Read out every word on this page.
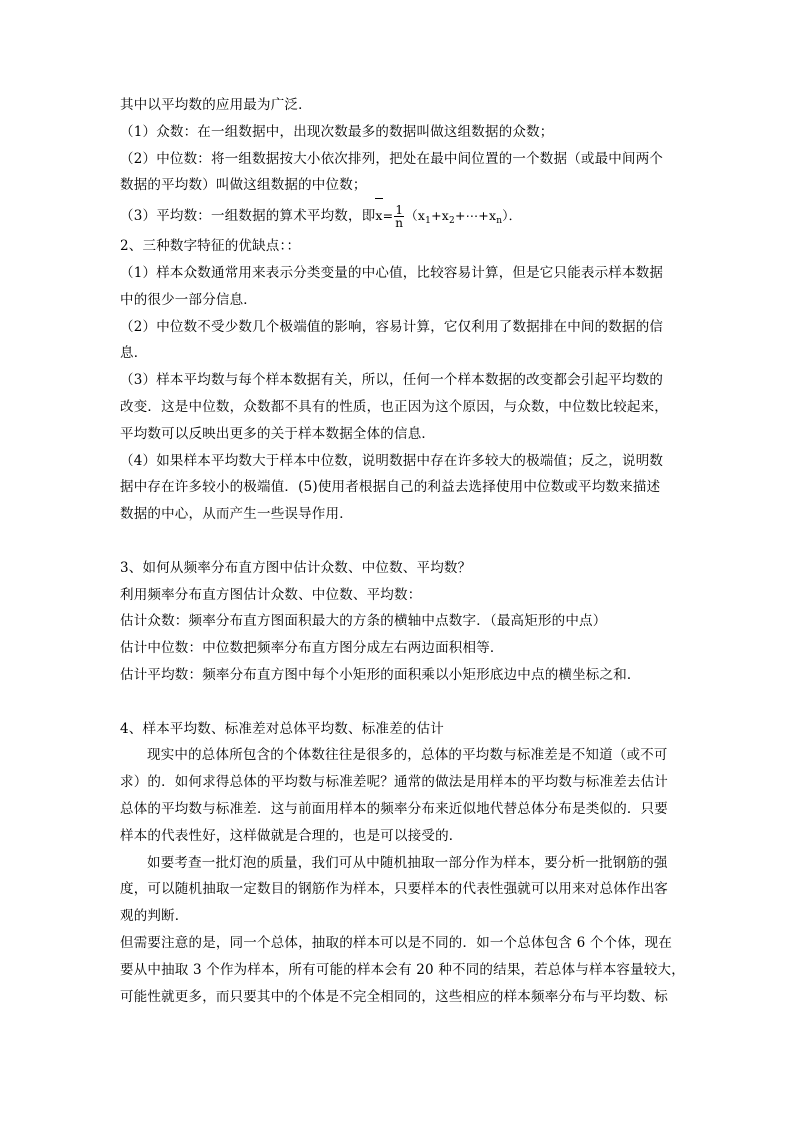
其中以平均数的应用最为广泛．
（1）众数：在一组数据中，出现次数最多的数据叫做这组数据的众数；
（2）中位数：将一组数据按大小依次排列，把处在最中间位置的一个数据（或最中间两个
数据的平均数）叫做这组数据的中位数；
（3）平均数：一组数据的算术平均数，即$x= \frac{1}{n}$ $(x_1+x_2+\cdots+x_n)$．
2、三种数字特征的优缺点：：
（1）样本众数通常用来表示分类变量的中心值，比较容易计算，但是它只能表示样本数据
中的很少一部分信息．
（2）中位数不受少数几个极端值的影响，容易计算，它仅利用了数据排在中间的数据的信
息．
（3）样本平均数与每个样本数据有关，所以，任何一个样本数据的改变都会引起平均数的
改变．这是中位数，众数都不具有的性质，也正因为这个原因，与众数，中位数比较起来，
平均数可以反映出更多的关于样本数据全体的信息．
（4）如果样本平均数大于样本中位数，说明数据中存在许多较大的极端值；反之，说明数
据中存在许多较小的极端值．(5)使用者根据自己的利益去选择使用中位数或平均数来描述
数据的中心，从而产生一些误导作用．
3、如何从频率分布直方图中估计众数、中位数、平均数？
利用频率分布直方图估计众数、中位数、平均数：
估计众数：频率分布直方图面积最大的方条的横轴中点数字．（最高矩形的中点）
估计中位数：中位数把频率分布直方图分成左右两边面积相等．
估计平均数：频率分布直方图中每个小矩形的面积乘以小矩形底边中点的横坐标之和．
4、样本平均数、标准差对总体平均数、标准差的估计
现实中的总体所包含的个体数往往是很多的，总体的平均数与标准差是不知道（或不可
求）的．如何求得总体的平均数与标准差呢？通常的做法是用样本的平均数与标准差去估计
总体的平均数与标准差．这与前面用样本的频率分布来近似地代替总体分布是类似的．只要
样本的代表性好，这样做就是合理的，也是可以接受的．
如要考查一批灯泡的质量，我们可从中随机抽取一部分作为样本，要分析一批钢筋的强
度，可以随机抽取一定数目的钢筋作为样本，只要样本的代表性强就可以用来对总体作出客
观的判断．
但需要注意的是，同一个总体，抽取的样本可以是不同的．如一个总体包含 6 个个体，现在
要从中抽取 3 个作为样本，所有可能的样本会有 20 种不同的结果，若总体与样本容量较大，
可能性就更多，而只要其中的个体是不完全相同的，这些相应的样本频率分布与平均数、标
